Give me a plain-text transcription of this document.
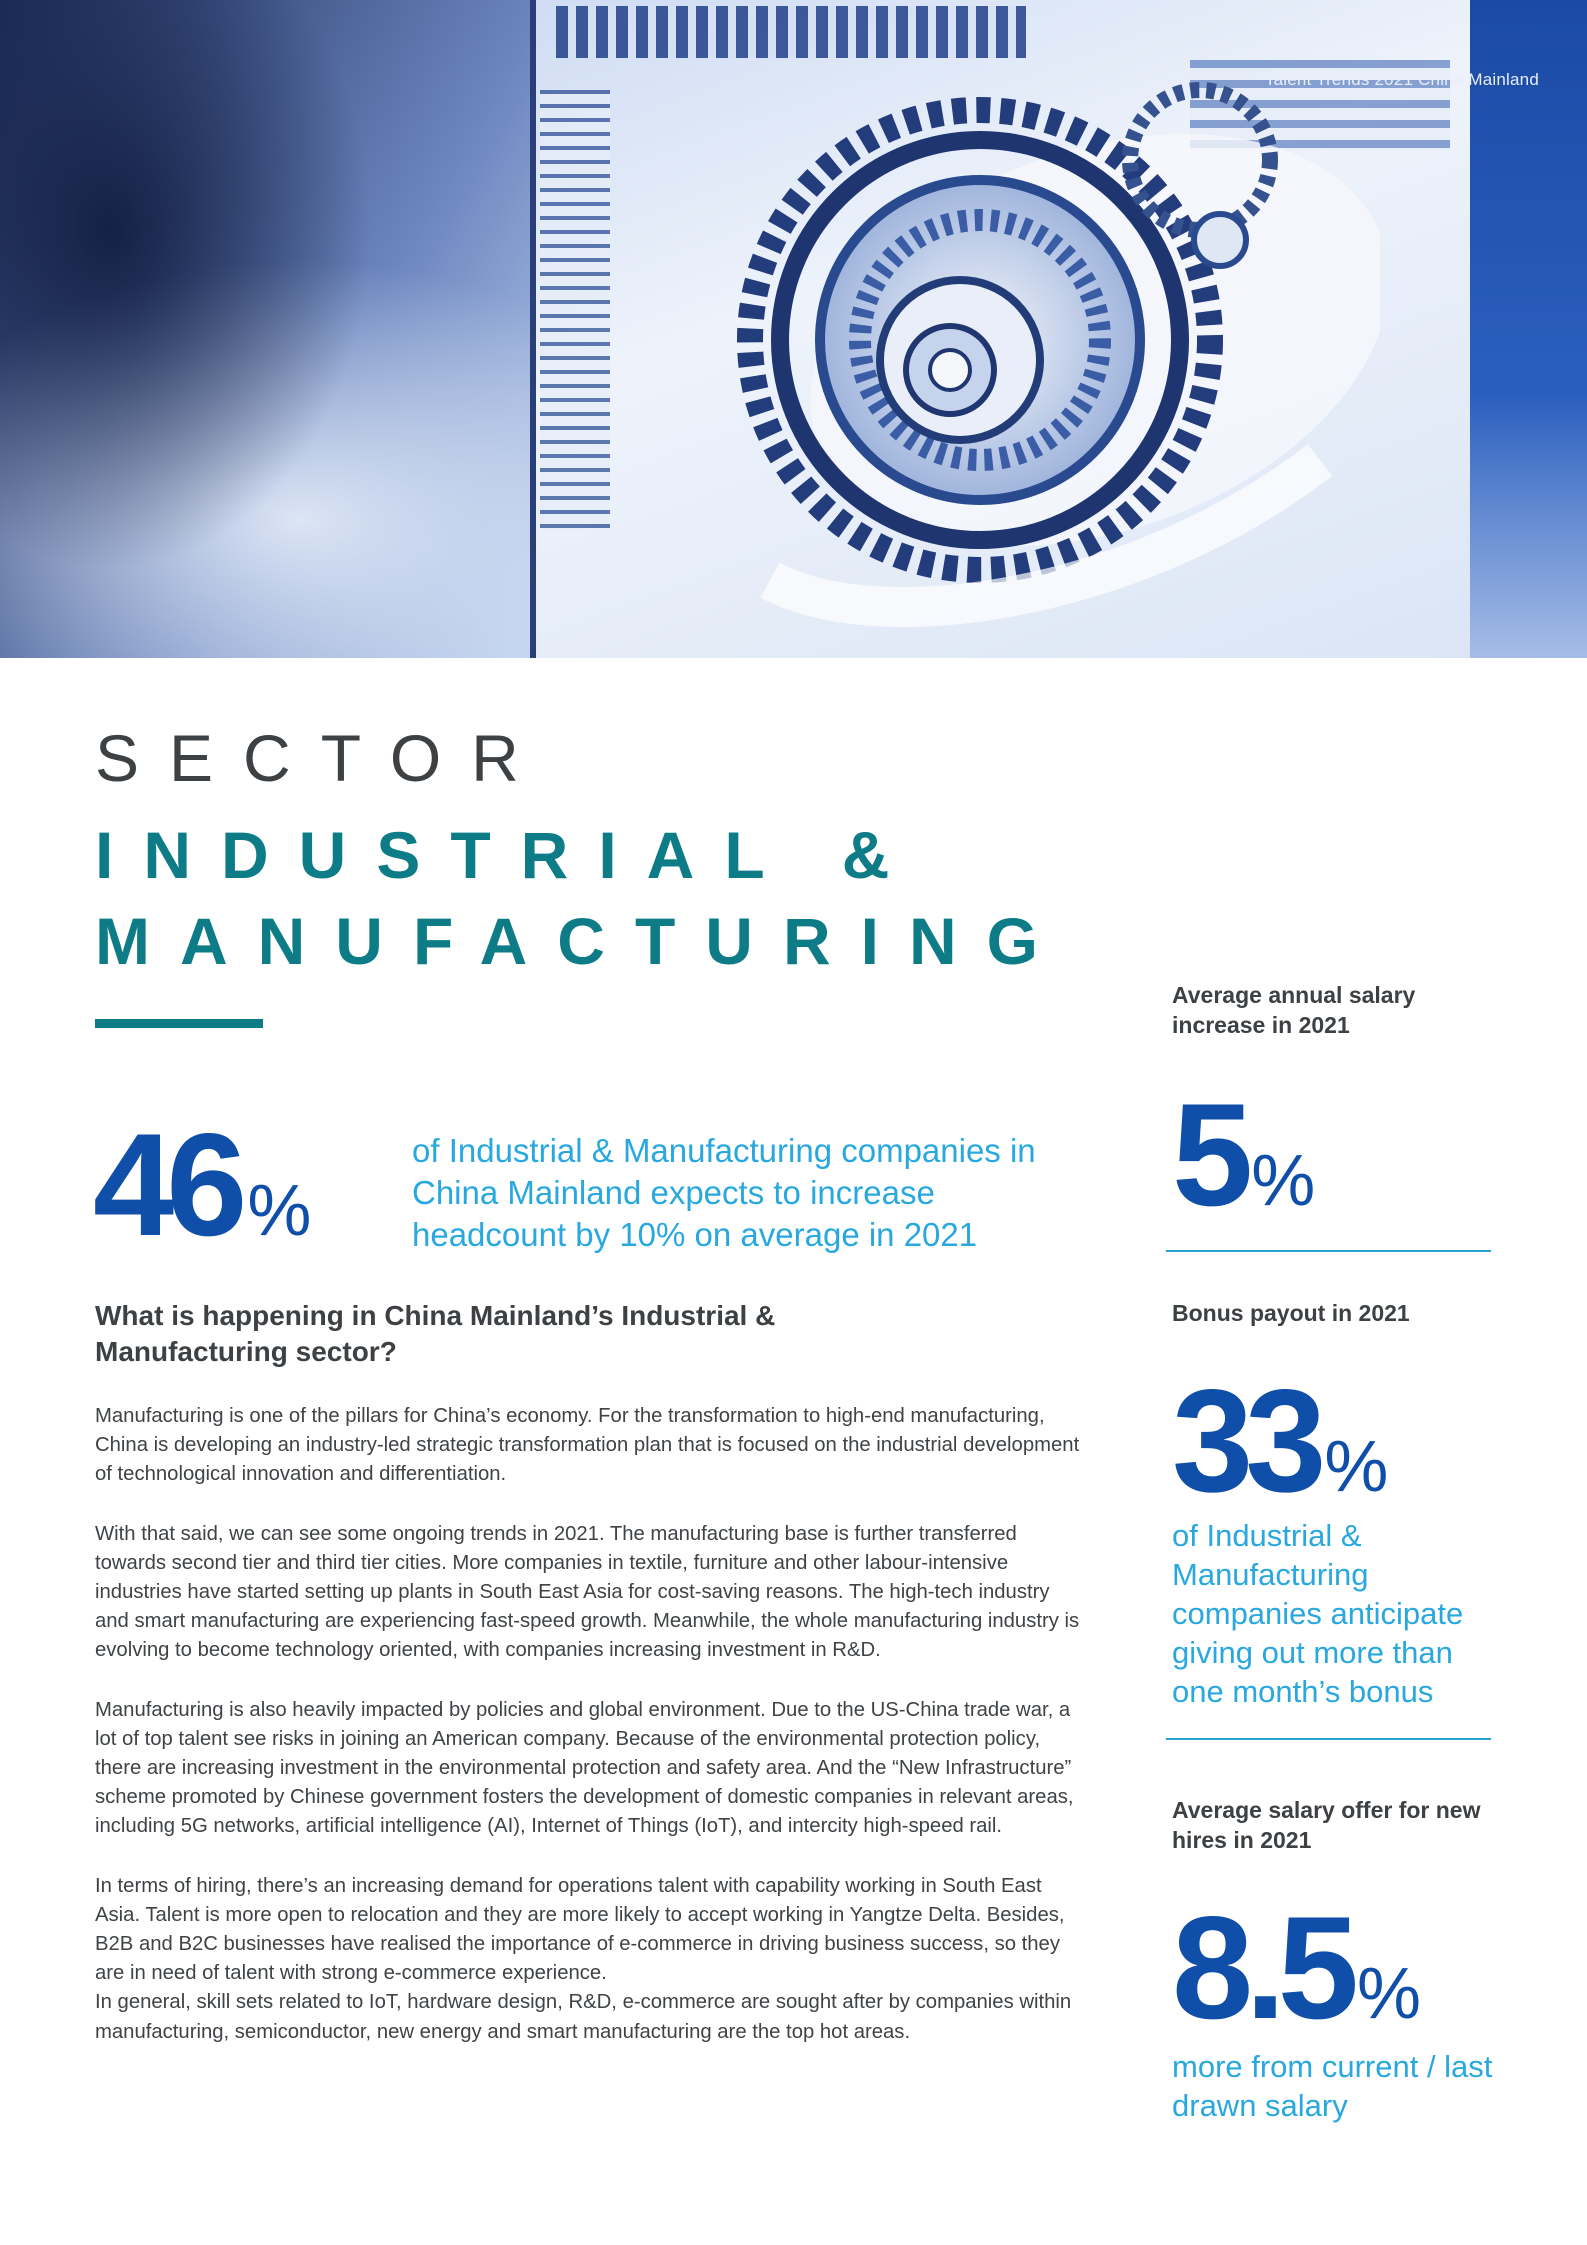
Talent Trends 2021 China Mainland
SECTOR
INDUSTRIAL &
MANUFACTURING
46 %

of Industrial & Manufacturing companies in China Mainland expects to increase headcount by 10% on average in 2021

What is happening in China Mainland’s Industrial & Manufacturing sector?

Manufacturing is one of the pillars for China’s economy. For the transformation to high-end manufacturing, China is developing an industry-led strategic transformation plan that is focused on the industrial development of technological innovation and differentiation.

With that said, we can see some ongoing trends in 2021. The manufacturing base is further transferred towards second tier and third tier cities. More companies in textile, furniture and other labour-intensive industries have started setting up plants in South East Asia for cost-saving reasons. The high-tech industry and smart manufacturing are experiencing fast-speed growth. Meanwhile, the whole manufacturing industry is evolving to become technology oriented, with companies increasing investment in R&D.

Manufacturing is also heavily impacted by policies and global environment. Due to the US-China trade war, a lot of top talent see risks in joining an American company. Because of the environmental protection policy, there are increasing investment in the environmental protection and safety area. And the “New Infrastructure” scheme promoted by Chinese government fosters the development of domestic companies in relevant areas, including 5G networks, artificial intelligence (AI), Internet of Things (IoT), and intercity high-speed rail.

In terms of hiring, there’s an increasing demand for operations talent with capability working in South East Asia. Talent is more open to relocation and they are more likely to accept working in Yangtze Delta. Besides, B2B and B2C businesses have realised the importance of e-commerce in driving business success, so they are in need of talent with strong e-commerce experience.

In general, skill sets related to IoT, hardware design, R&D, e-commerce are sought after by companies within manufacturing, semiconductor, new energy and smart manufacturing are the top hot areas.

Average annual salary increase in 2021

5%

Bonus payout in 2021

33%

of Industrial & Manufacturing companies anticipate giving out more than one month’s bonus

Average salary offer for new hires in 2021

8.5%

more from current / last drawn salary
